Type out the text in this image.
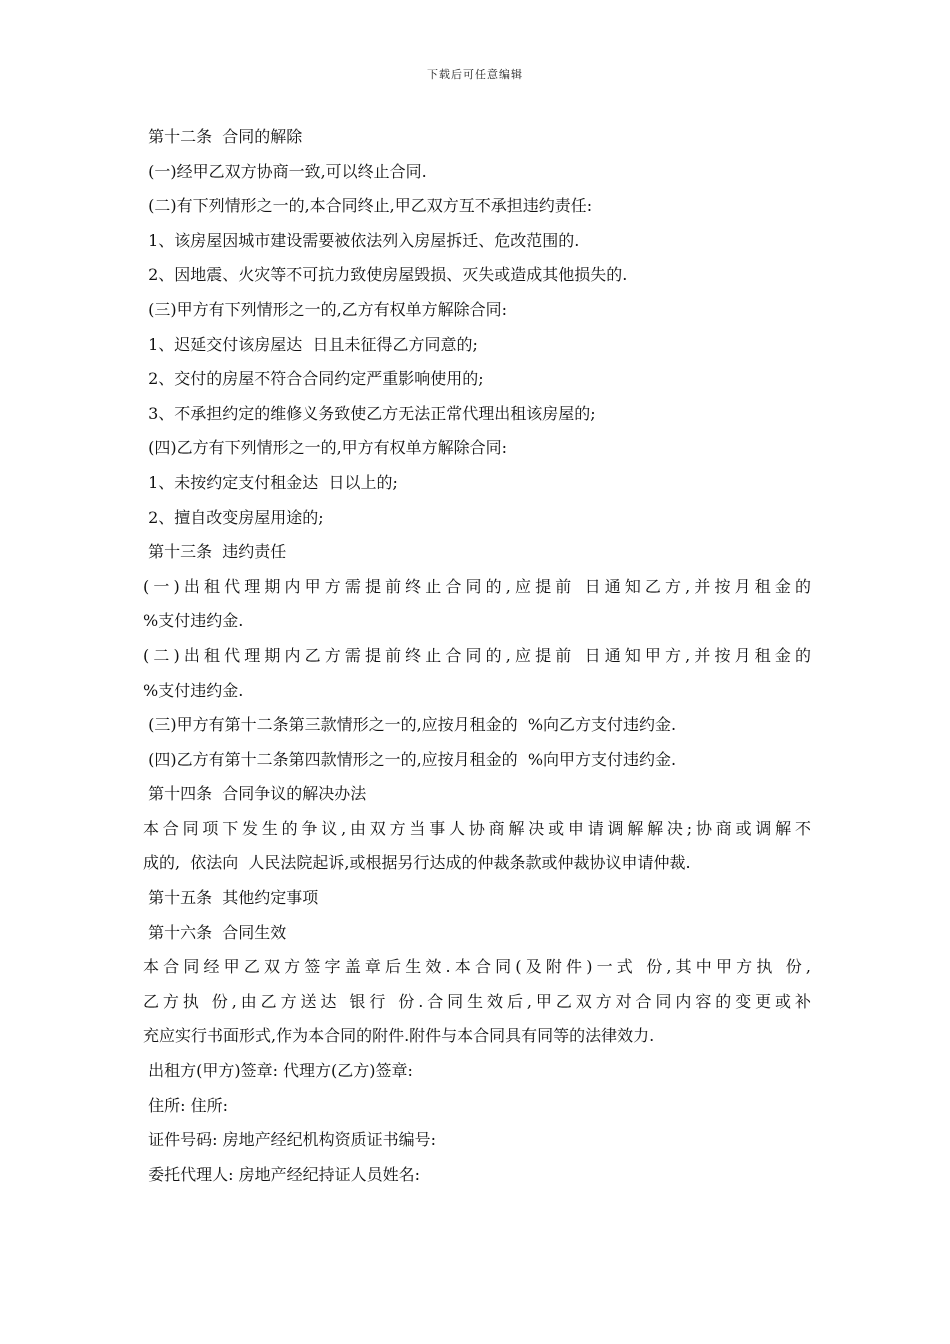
下载后可任意编辑
第十二条  合同的解除
(一)经甲乙双方协商一致,可以终止合同.
(二)有下列情形之一的,本合同终止,甲乙双方互不承担违约责任:
1、该房屋因城市建设需要被依法列入房屋拆迁、危改范围的.
2、因地震、火灾等不可抗力致使房屋毁损、灭失或造成其他损失的.
(三)甲方有下列情形之一的,乙方有权单方解除合同:
1、迟延交付该房屋达  日且未征得乙方同意的;
2、交付的房屋不符合合同约定严重影响使用的;
3、不承担约定的维修义务致使乙方无法正常代理出租该房屋的;
(四)乙方有下列情形之一的,甲方有权单方解除合同:
1、未按约定支付租金达  日以上的;
2、擅自改变房屋用途的;
第十三条  违约责任
(一)出租代理期内甲方需提前终止合同的,应提前 日通知乙方,并按月租金的
%支付违约金.
(二)出租代理期内乙方需提前终止合同的,应提前 日通知甲方,并按月租金的
%支付违约金.
(三)甲方有第十二条第三款情形之一的,应按月租金的  %向乙方支付违约金.
(四)乙方有第十二条第四款情形之一的,应按月租金的  %向甲方支付违约金.
第十四条  合同争议的解决办法
本合同项下发生的争议,由双方当事人协商解决或申请调解解决;协商或调解不
成的,  依法向  人民法院起诉,或根据另行达成的仲裁条款或仲裁协议申请仲裁.
第十五条  其他约定事项
第十六条  合同生效
本合同经甲乙双方签字盖章后生效.本合同(及附件)一式 份,其中甲方执 份,
乙方执 份,由乙方送达 银行 份.合同生效后,甲乙双方对合同内容的变更或补
充应实行书面形式,作为本合同的附件.附件与本合同具有同等的法律效力.
出租方(甲方)签章: 代理方(乙方)签章:
住所: 住所:
证件号码: 房地产经纪机构资质证书编号:
委托代理人: 房地产经纪持证人员姓名:
